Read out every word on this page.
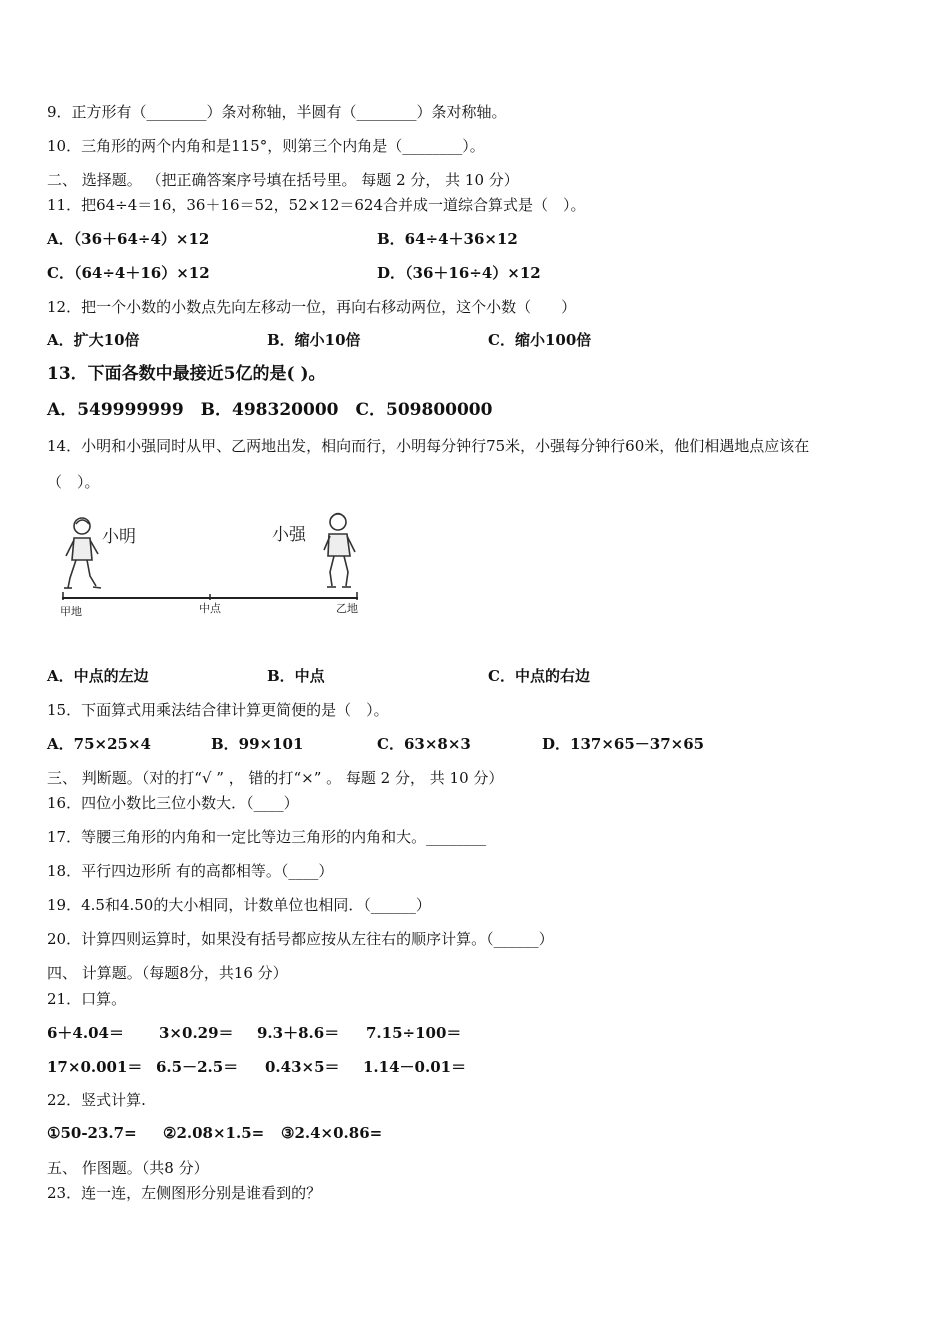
9．正方形有（________）条对称轴，半圆有（________）条对称轴。
10．三角形的两个内角和是115°，则第三个内角是（________）。
二、 选择题。 （把正确答案序号填在括号里。 每题 2 分， 共 10 分）
11．把64÷4＝16，36＋16＝52，52×12＝624合并成一道综合算式是（　）。
A．（36＋64÷4）×12	B．64÷4＋36×12
C．（64÷4＋16）×12	D．（36＋16÷4）×12
12．把一个小数的小数点先向左移动一位，再向右移动两位，这个小数（　　）
A．扩大10倍	B．缩小10倍	C．缩小100倍
13．下面各数中最接近5亿的是( )。
A．549999999　B．498320000　C．509800000
14．小明和小强同时从甲、乙两地出发，相向而行，小明每分钟行75米，小强每分钟行60米，他们相遇地点应该在
（　）。
小明	小强
甲地	中点	乙地
A．中点的左边	B．中点	C．中点的右边
15．下面算式用乘法结合律计算更简便的是（　）。
A．75×25×4	B．99×101	C．63×8×3	D．137×65－37×65
三、 判断题。（对的打“√ ” ， 错的打“×” 。 每题 2 分， 共 10 分）
16．四位小数比三位小数大．（____）
17．等腰三角形的内角和一定比等边三角形的内角和大。________
18．平行四边形所 有的高都相等。（____）
19．4.5和4.50的大小相同，计数单位也相同．（______）
20．计算四则运算时，如果没有括号都应按从左往右的顺序计算。（______）
四、 计算题。（每题8分，共16 分）
21．口算。
6＋4.04＝ 3×0.29＝ 9.3＋8.6＝ 7.15÷100＝
17×0.001＝ 6.5－2.5＝ 0.43×5＝ 1.14－0.01＝
22．竖式计算.
①50-23.7= ②2.08×1.5= ③2.4×0.86=
五、 作图题。（共8 分）
23．连一连，左侧图形分别是谁看到的？
